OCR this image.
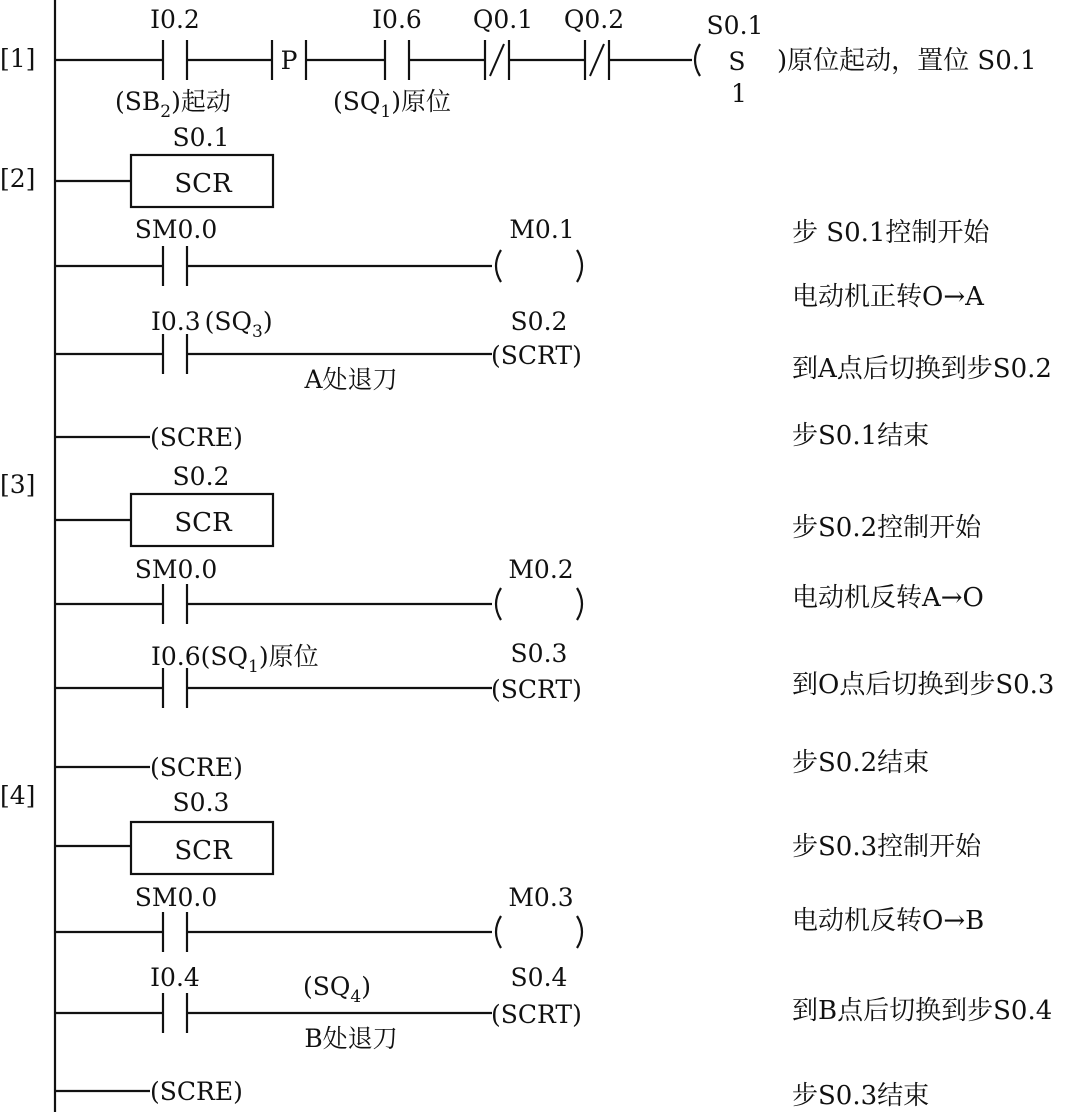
[1]
[2]
[3]
[4]
I0.2
$(SB_2)$起动
P
I0.6
$(SQ_1)$原位
Q0.1 Q0.2	S0.1
S
1
)原位起动，置位 S0.1
S0.1
SCR
SM0.0	M0.1
I0.3 $(SQ_3)$
A处退刀
(SCRT)
S0.2
(SCRE)
S0.2
SCR
SM0.0	M0.2
$I0.6(SQ_1)$原位
(SCRT)
S0.3
(SCRE)
S0.3
SCR
SM0.0	M0.3
I0.4	$(SQ_4)$
B处退刀
(SCRT)
S0.4
(SCRE)
步 S0.1控制开始
电动机正转O→A
到A点后切换到步S0.2
步S0.1结束
步S0.2控制开始
电动机反转A→O
到O点后切换到步S0.3
步S0.2结束
步S0.3控制开始
电动机反转O→B
到B点后切换到步S0.4
步S0.3结束
